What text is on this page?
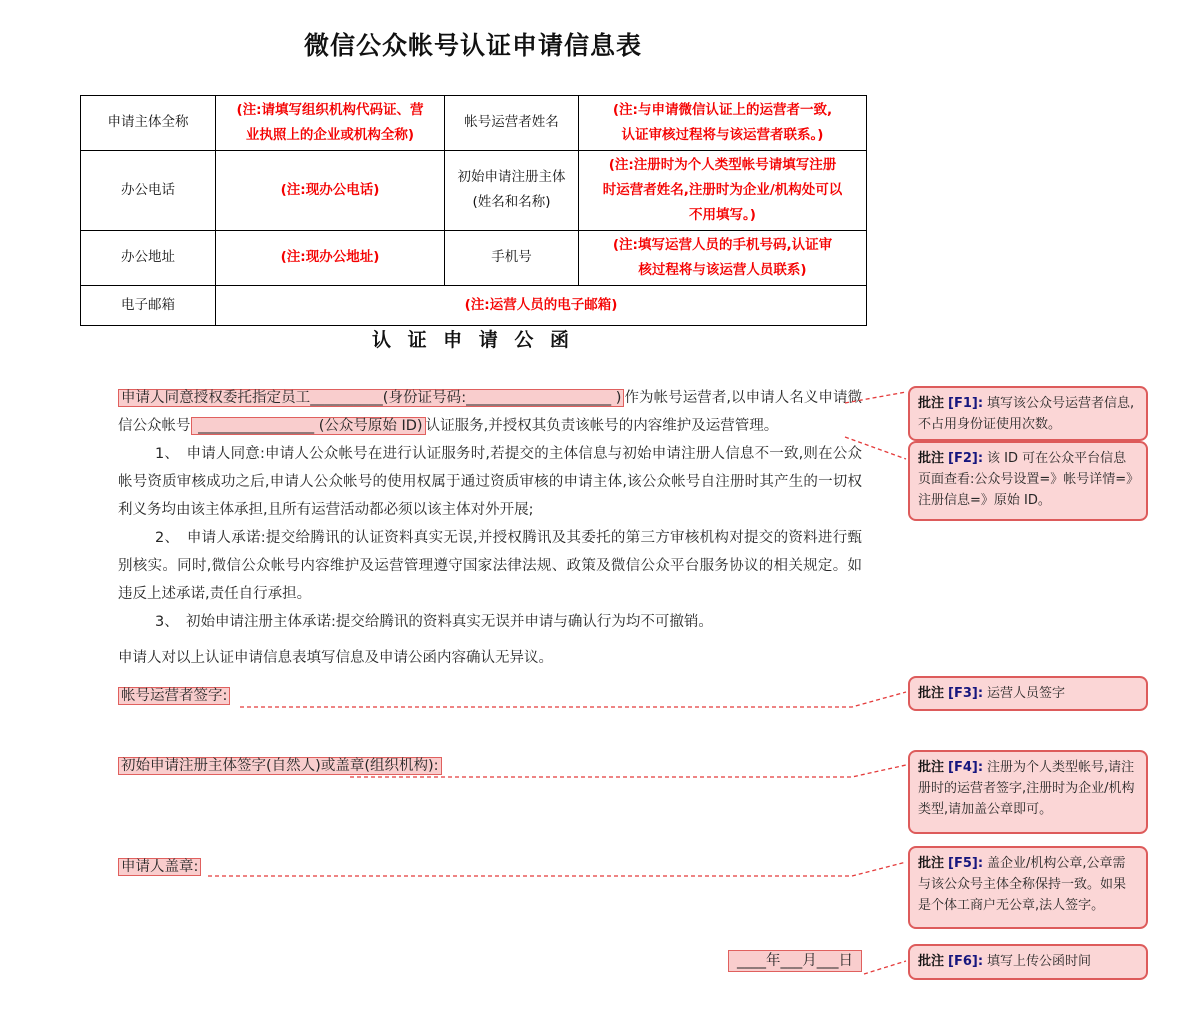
微信公众帐号认证申请信息表
申请主体全称	(注:请填写组织机构代码证、营
业执照上的企业或机构全称)	帐号运营者姓名	(注:与申请微信认证上的运营者一致,
认证审核过程将与该运营者联系。)
办公电话	(注:现办公电话)	初始申请注册主体
(姓名和名称)	(注:注册时为个人类型帐号请填写注册
时运营者姓名,注册时为企业/机构处可以
不用填写。)
办公地址	(注:现办公地址)	手机号	(注:填写运营人员的手机号码,认证审
核过程将与该运营人员联系)
电子邮箱	(注:运营人员的电子邮箱)		
认 证 申 请 公 函

申请人同意授权委托指定员工__________(身份证号码:____________________ ) 作为帐号运营者,以申请人名义申请微信公众帐号 ________________ (公众号原始 ID) 认证服务,并授权其负责该帐号的内容维护及运营管理。

1、　申请人同意:申请人公众帐号在进行认证服务时,若提交的主体信息与初始申请注册人信息不一致,则在公众帐号资质审核成功之后,申请人公众帐号的使用权属于通过资质审核的申请主体,该公众帐号自注册时其产生的一切权利义务均由该主体承担,且所有运营活动都必须以该主体对外开展;

2、　申请人承诺:提交给腾讯的认证资料真实无误,并授权腾讯及其委托的第三方审核机构对提交的资料进行甄别核实。同时,微信公众帐号内容维护及运营管理遵守国家法律法规、政策及微信公众平台服务协议的相关规定。如违反上述承诺,责任自行承担。

3、　初始申请注册主体承诺:提交给腾讯的资料真实无误并申请与确认行为均不可撤销。

申请人对以上认证申请信息表填写信息及申请公函内容确认无异议。

帐号运营者签字:

初始申请注册主体签字(自然人)或盖章(组织机构):

申请人盖章:

____年___月___日

批注 [F1]: 填写该公众号运营者信息,不占用身份证使用次数。
批注 [F2]: 该 ID 可在公众平台信息页面查看:公众号设置=》帐号详情=》注册信息=》原始 ID。
批注 [F3]: 运营人员签字
批注 [F4]: 注册为个人类型帐号,请注册时的运营者签字,注册时为企业/机构类型,请加盖公章即可。
批注 [F5]: 盖企业/机构公章,公章需与该公众号主体全称保持一致。如果是个体工商户无公章,法人签字。
批注 [F6]: 填写上传公函时间
